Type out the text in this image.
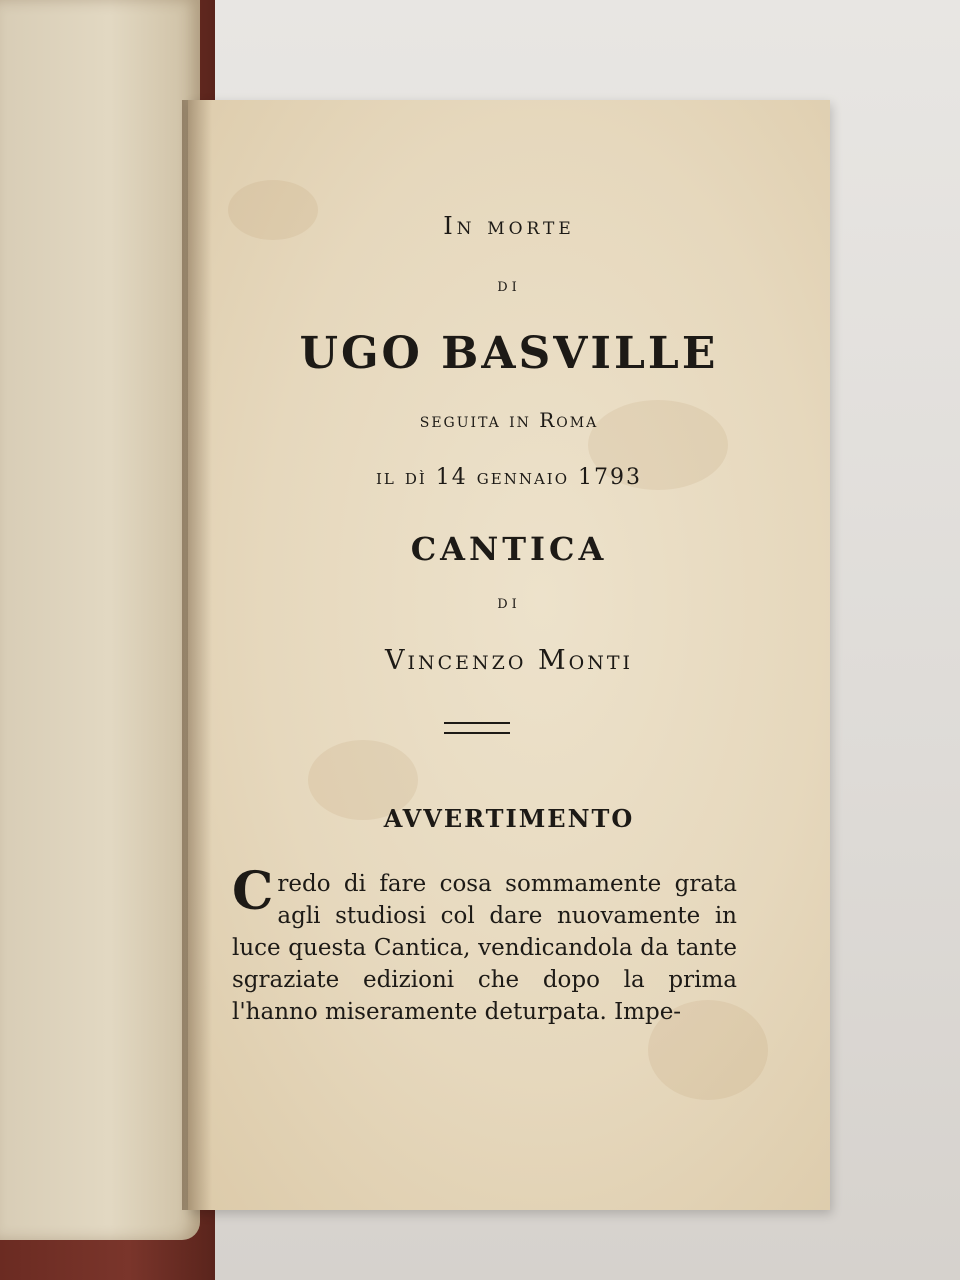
In morte

di

UGO BASVILLE

seguita in Roma

il dì 14 gennaio 1793

CANTICA

di

Vincenzo Monti

AVVERTIMENTO

C redo di fare cosa sommamente grata agli studiosi col dare nuovamente in luce questa Cantica, vendicandola da tante sgraziate edizioni che dopo la prima l'hanno miseramente deturpata. Impe-
